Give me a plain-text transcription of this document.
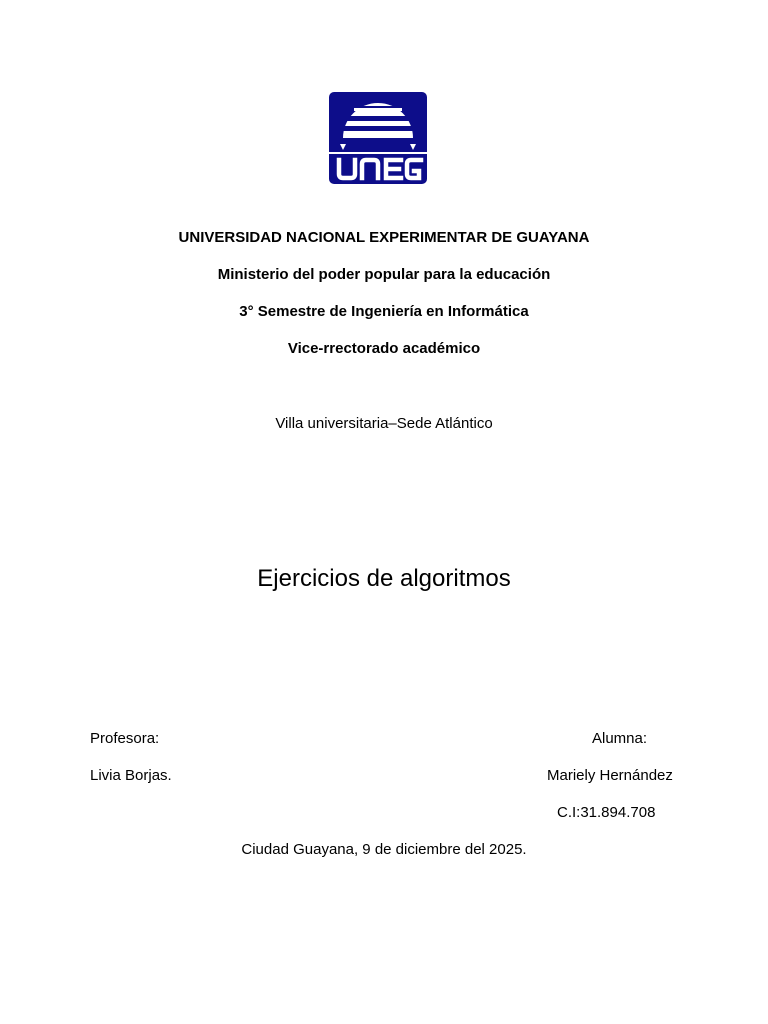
UNIVERSIDAD NACIONAL EXPERIMENTAR DE GUAYANA
Ministerio del poder popular para la educación
3° Semestre de Ingeniería en Informática
Vice-rrectorado académico
Villa universitaria–Sede Atlántico
Ejercicios de algoritmos
Profesora:
Livia Borjas.
Alumna:
Mariely Hernández
C.I:31.894.708
Ciudad Guayana, 9 de diciembre del 2025.
